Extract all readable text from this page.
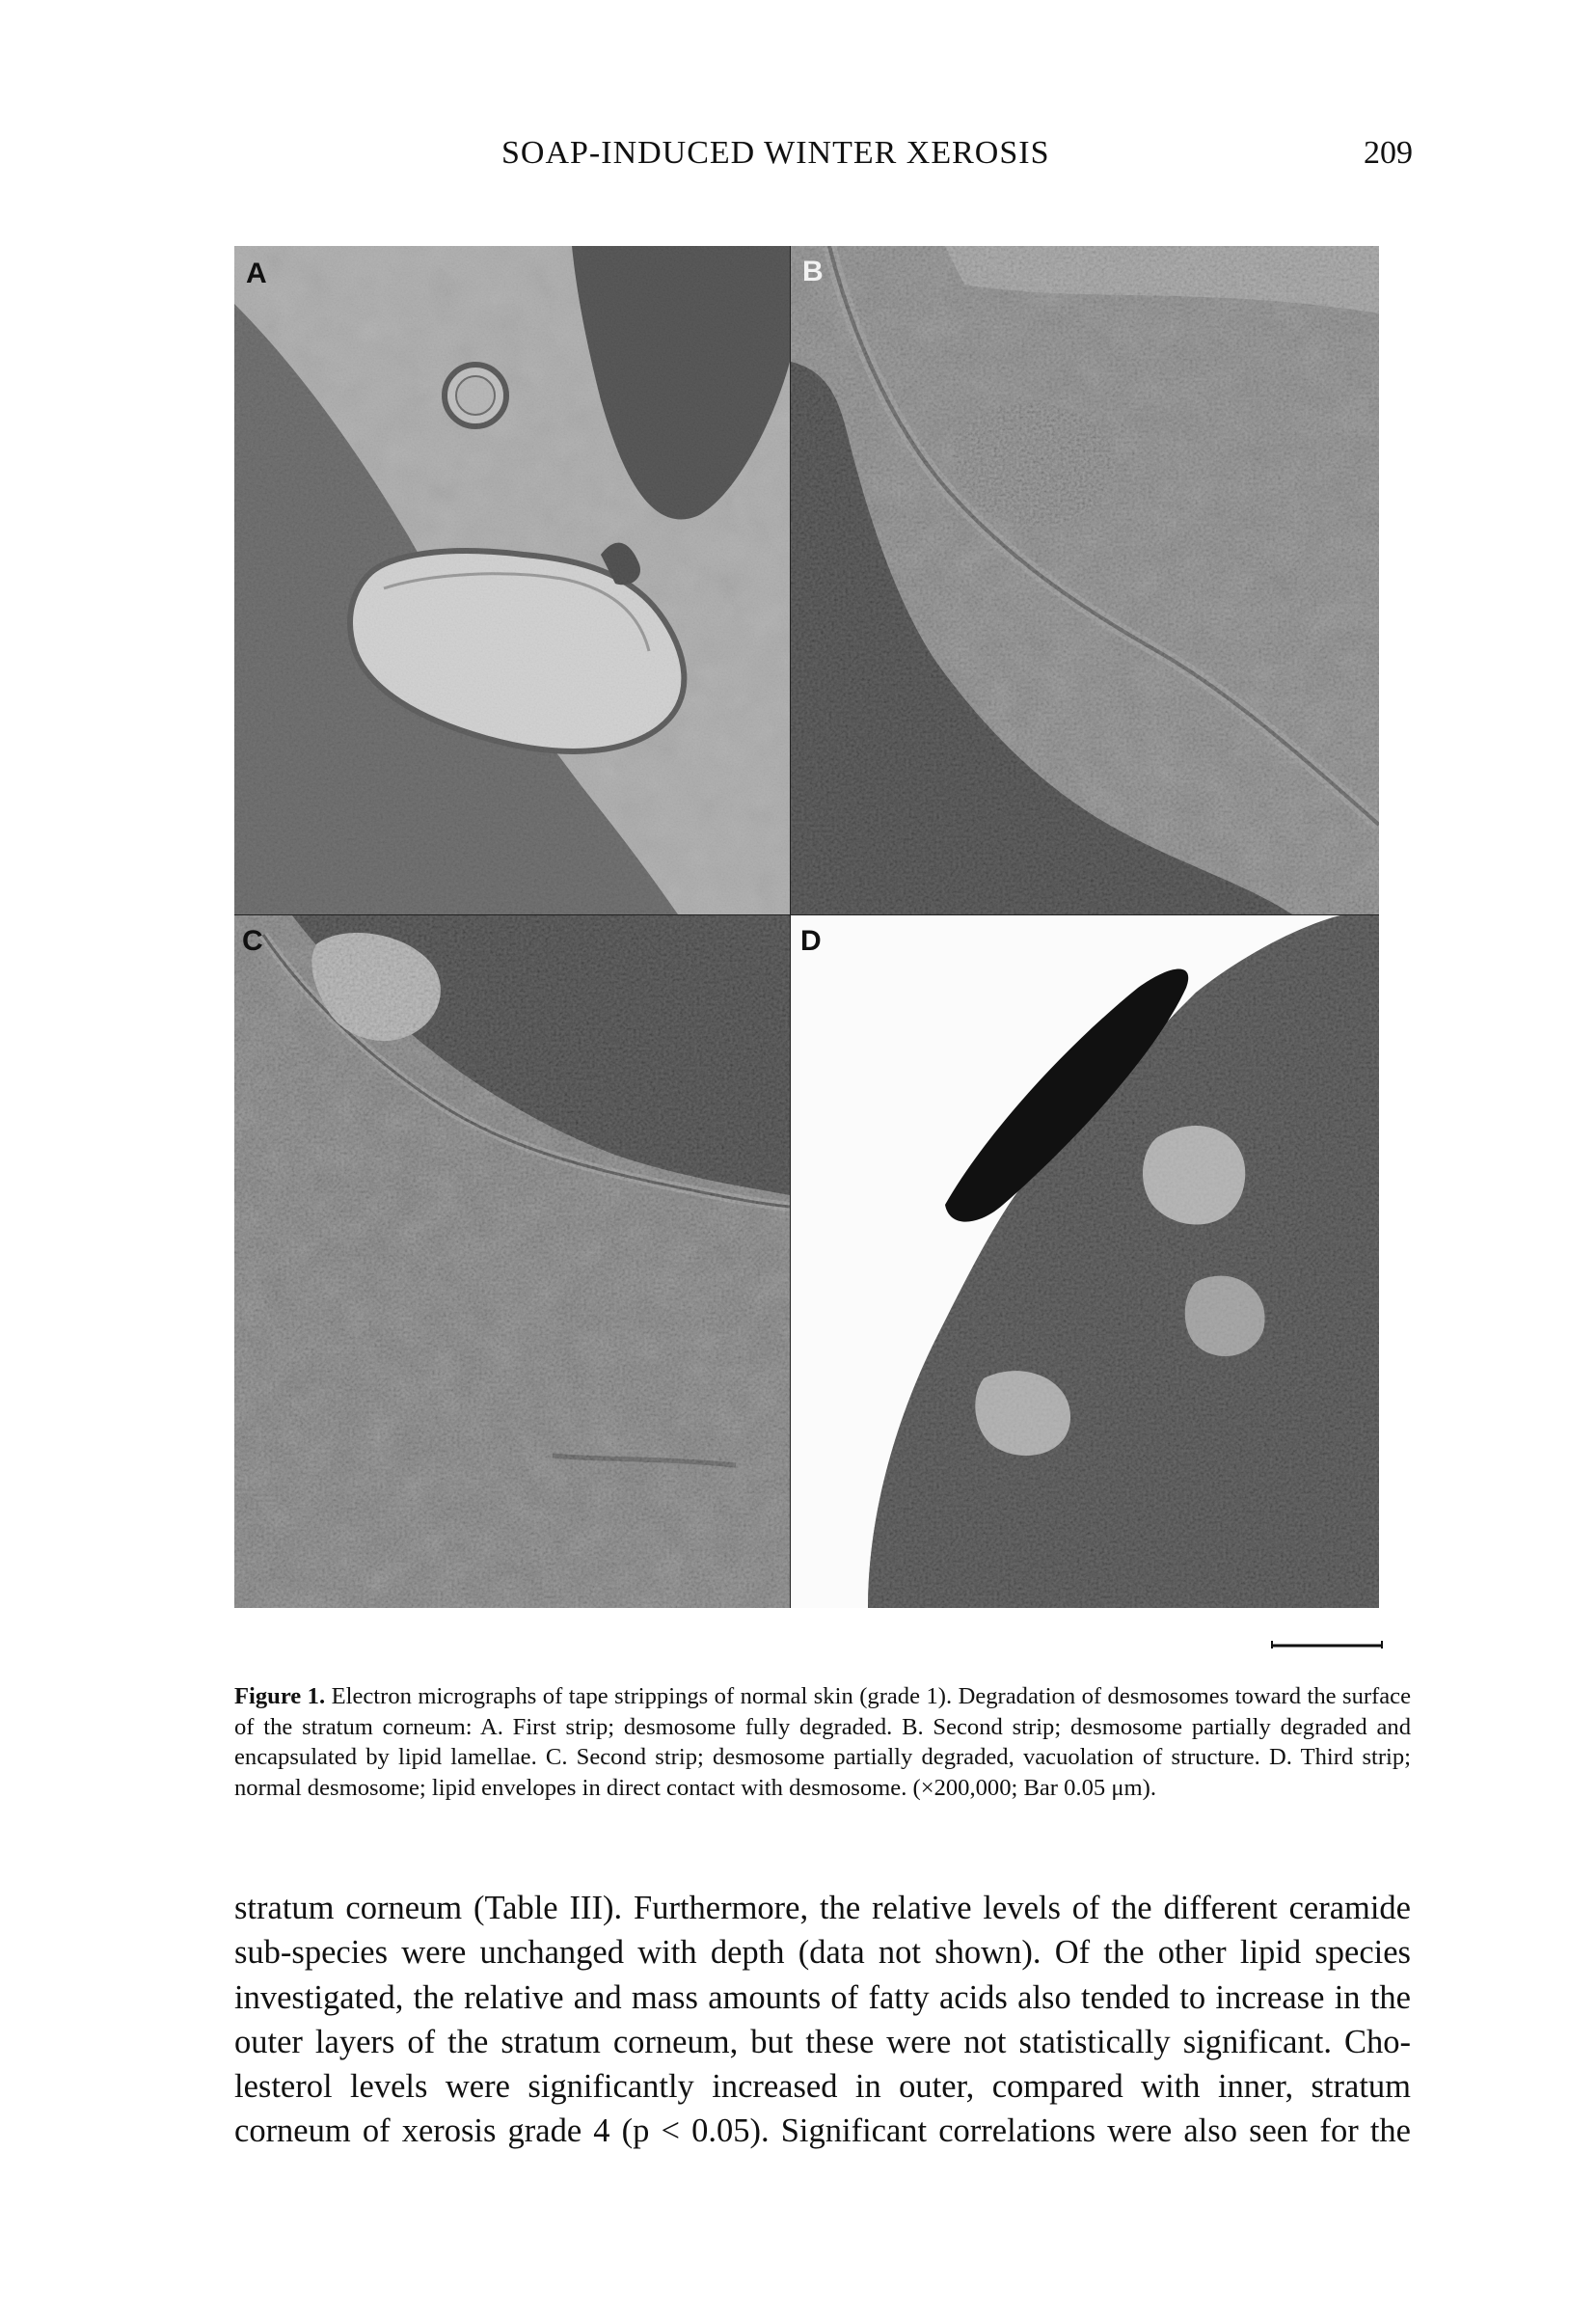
SOAP-INDUCED WINTER XEROSIS	209
A	B
C	D
Figure 1. Electron micrographs of tape strippings of normal skin (grade 1). Degradation of desmosomes toward the surface of the stratum corneum: A. First strip; desmosome fully degraded. B. Second strip; desmosome partially degraded and encapsulated by lipid lamellae. C. Second strip; desmosome partially degraded, vacuolation of structure. D. Third strip; normal desmosome; lipid envelopes in direct contact with desmosome. (×200,000; Bar 0.05 μm).
stratum corneum (Table III). Furthermore, the relative levels of the different ceramide
sub-species were unchanged with depth (data not shown). Of the other lipid species
investigated, the relative and mass amounts of fatty acids also tended to increase in the
outer layers of the stratum corneum, but these were not statistically significant. Cho-
lesterol levels were significantly increased in outer, compared with inner, stratum
corneum of xerosis grade 4 (p < 0.05). Significant correlations were also seen for the
